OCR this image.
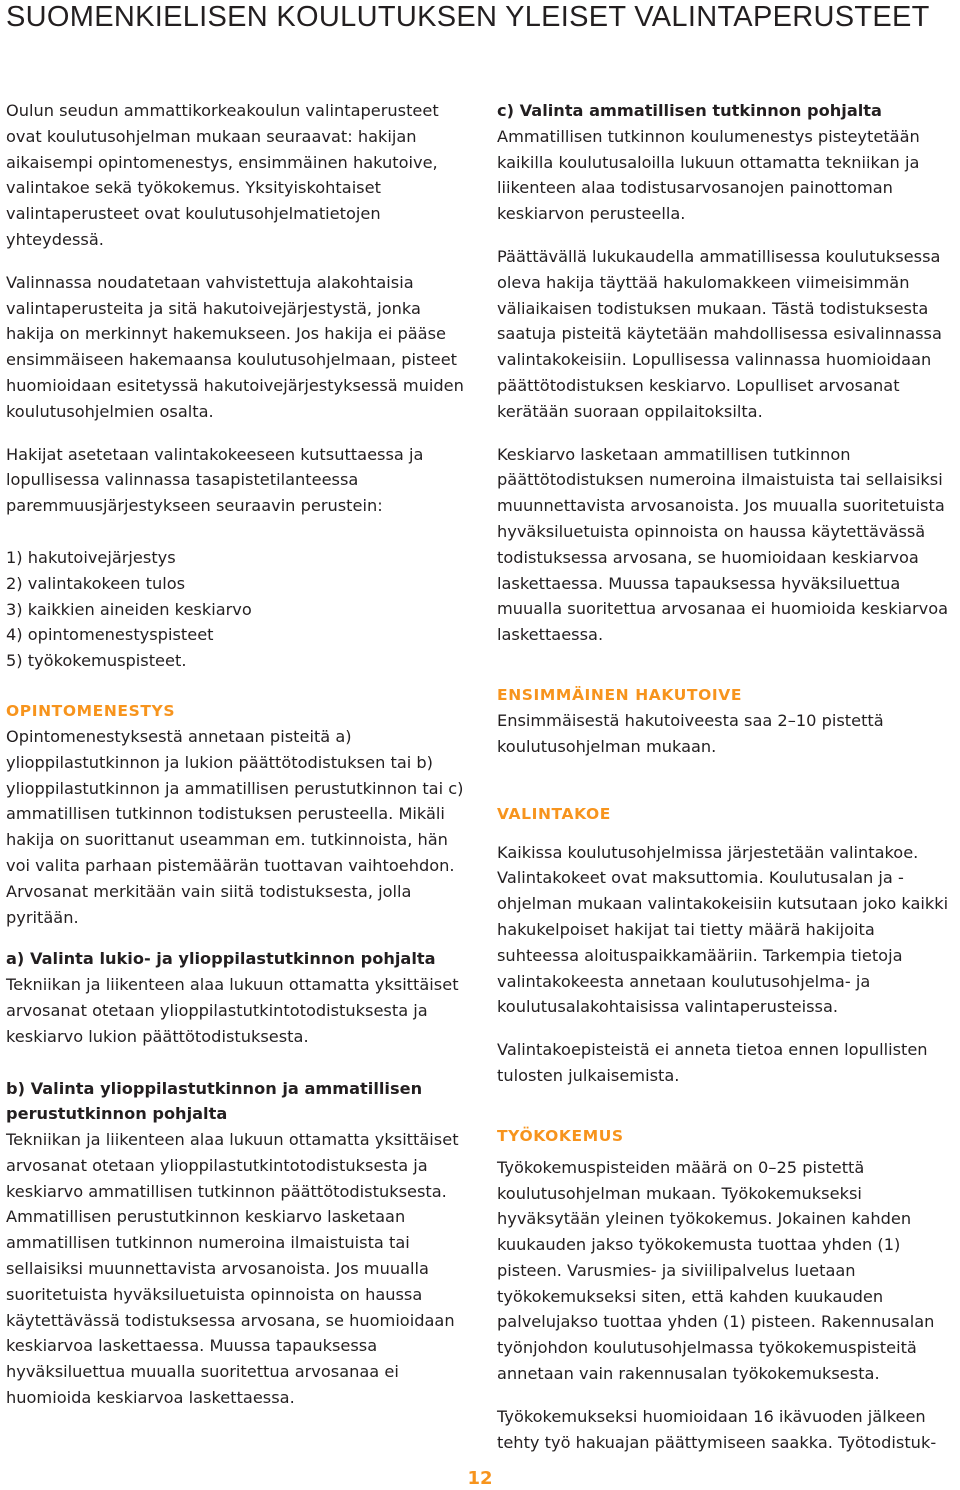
SUOMENKIELISEN KOULUTUKSEN YLEISET VALINTAPERUSTEET

Oulun seudun ammattikorkeakoulun valintaperusteet ovat koulutusohjelman mukaan seuraavat: hakijan aikaisempi opintomenestys, ensimmäinen hakutoive, valintakoe sekä työkokemus. Yksityiskohtaiset valintaperusteet ovat koulutusohjelmatietojen yhteydessä.

Valinnassa noudatetaan vahvistettuja alakohtaisia valintaperusteita ja sitä hakutoivejärjestystä, jonka hakija on merkinnyt hakemukseen. Jos hakija ei pääse ensimmäiseen hakemaansa koulutusohjelmaan, pisteet huomioidaan esitetyssä hakutoivejärjestyksessä muiden koulutusohjelmien osalta.

Hakijat asetetaan valintakokeeseen kutsuttaessa ja lopullisessa valinnassa tasapistetilanteessa paremmuusjärjestykseen seuraavin perustein:

1) hakutoivejärjestys
2) valintakokeen tulos
3) kaikkien aineiden keskiarvo
4) opintomenestyspisteet
5) työkokemuspisteet.
OPINTOMENESTYS

Opintomenestyksestä annetaan pisteitä a) ylioppilastutkinnon ja lukion päättötodistuksen tai b) ylioppilastutkinnon ja ammatillisen perustutkinnon tai c) ammatillisen tutkinnon todistuksen perusteella. Mikäli hakija on suorittanut useamman em. tutkinnoista, hän voi valita parhaan pistemäärän tuottavan vaihtoehdon. Arvosanat merkitään vain siitä todistuksesta, jolla pyritään.

a) Valinta lukio- ja ylioppilastutkinnon pohjalta

Tekniikan ja liikenteen alaa lukuun ottamatta yksittäiset arvosanat otetaan ylioppilastutkintotodistuksesta ja keskiarvo lukion päättötodistuksesta.

b) Valinta ylioppilastutkinnon ja ammatillisen perustutkinnon pohjalta

Tekniikan ja liikenteen alaa lukuun ottamatta yksittäiset arvosanat otetaan ylioppilastutkintotodistuksesta ja keskiarvo ammatillisen tutkinnon päättötodistuksesta. Ammatillisen perustutkinnon keskiarvo lasketaan ammatillisen tutkinnon numeroina ilmaistuista tai sellaisiksi muunnettavista arvosanoista. Jos muualla suoritetuista hyväksiluetuista opinnoista on haussa käytettävässä todistuksessa arvosana, se huomioidaan keskiarvoa laskettaessa. Muussa tapauksessa hyväksiluettua muualla suoritettua arvosanaa ei huomioida keskiarvoa laskettaessa.

c) Valinta ammatillisen tutkinnon pohjalta

Ammatillisen tutkinnon koulumenestys pisteytetään kaikilla koulutusaloilla lukuun ottamatta tekniikan ja liikenteen alaa todistusarvosanojen painottoman keskiarvon perusteella.

Päättävällä lukukaudella ammatillisessa koulutuksessa oleva hakija täyttää hakulomakkeen viimeisimmän väliaikaisen todistuksen mukaan. Tästä todistuksesta saatuja pisteitä käytetään mahdollisessa esivalinnassa valintakokeisiin. Lopullisessa valinnassa huomioidaan päättötodistuksen keskiarvo. Lopulliset arvosanat kerätään suoraan oppilaitoksilta.

Keskiarvo lasketaan ammatillisen tutkinnon päättötodistuksen numeroina ilmaistuista tai sellaisiksi muunnettavista arvosanoista. Jos muualla suoritetuista hyväksiluetuista opinnoista on haussa käytettävässä todistuksessa arvosana, se huomioidaan keskiarvoa laskettaessa. Muussa tapauksessa hyväksiluettua muualla suoritettua arvosanaa ei huomioida keskiarvoa laskettaessa.

ENSIMMÄINEN HAKUTOIVE

Ensimmäisestä hakutoiveesta saa 2–10 pistettä koulutusohjelman mukaan.

VALINTAKOE

Kaikissa koulutusohjelmissa järjestetään valintakoe. Valintakokeet ovat maksuttomia. Koulutusalan ja -ohjelman mukaan valintakokeisiin kutsutaan joko kaikki hakukelpoiset hakijat tai tietty määrä hakijoita suhteessa aloituspaikkamääriin. Tarkempia tietoja valintakokeesta annetaan koulutusohjelma- ja koulutusalakohtaisissa valintaperusteissa.

Valintakoepisteistä ei anneta tietoa ennen lopullisten tulosten julkaisemista.

TYÖKOKEMUS

Työkokemuspisteiden määrä on 0–25 pistettä koulutusohjelman mukaan. Työkokemukseksi hyväksytään yleinen työkokemus. Jokainen kahden kuukauden jakso työkokemusta tuottaa yhden (1) pisteen. Varusmies- ja siviilipalvelus luetaan työkokemukseksi siten, että kahden kuukauden palvelujakso tuottaa yhden (1) pisteen. Rakennusalan työnjohdon koulutusohjelmassa työkokemuspisteitä annetaan vain rakennusalan työkokemuksesta.

Työkokemukseksi huomioidaan 16 ikävuoden jälkeen tehty työ hakuajan päättymiseen saakka. Työtodistuk-

12
